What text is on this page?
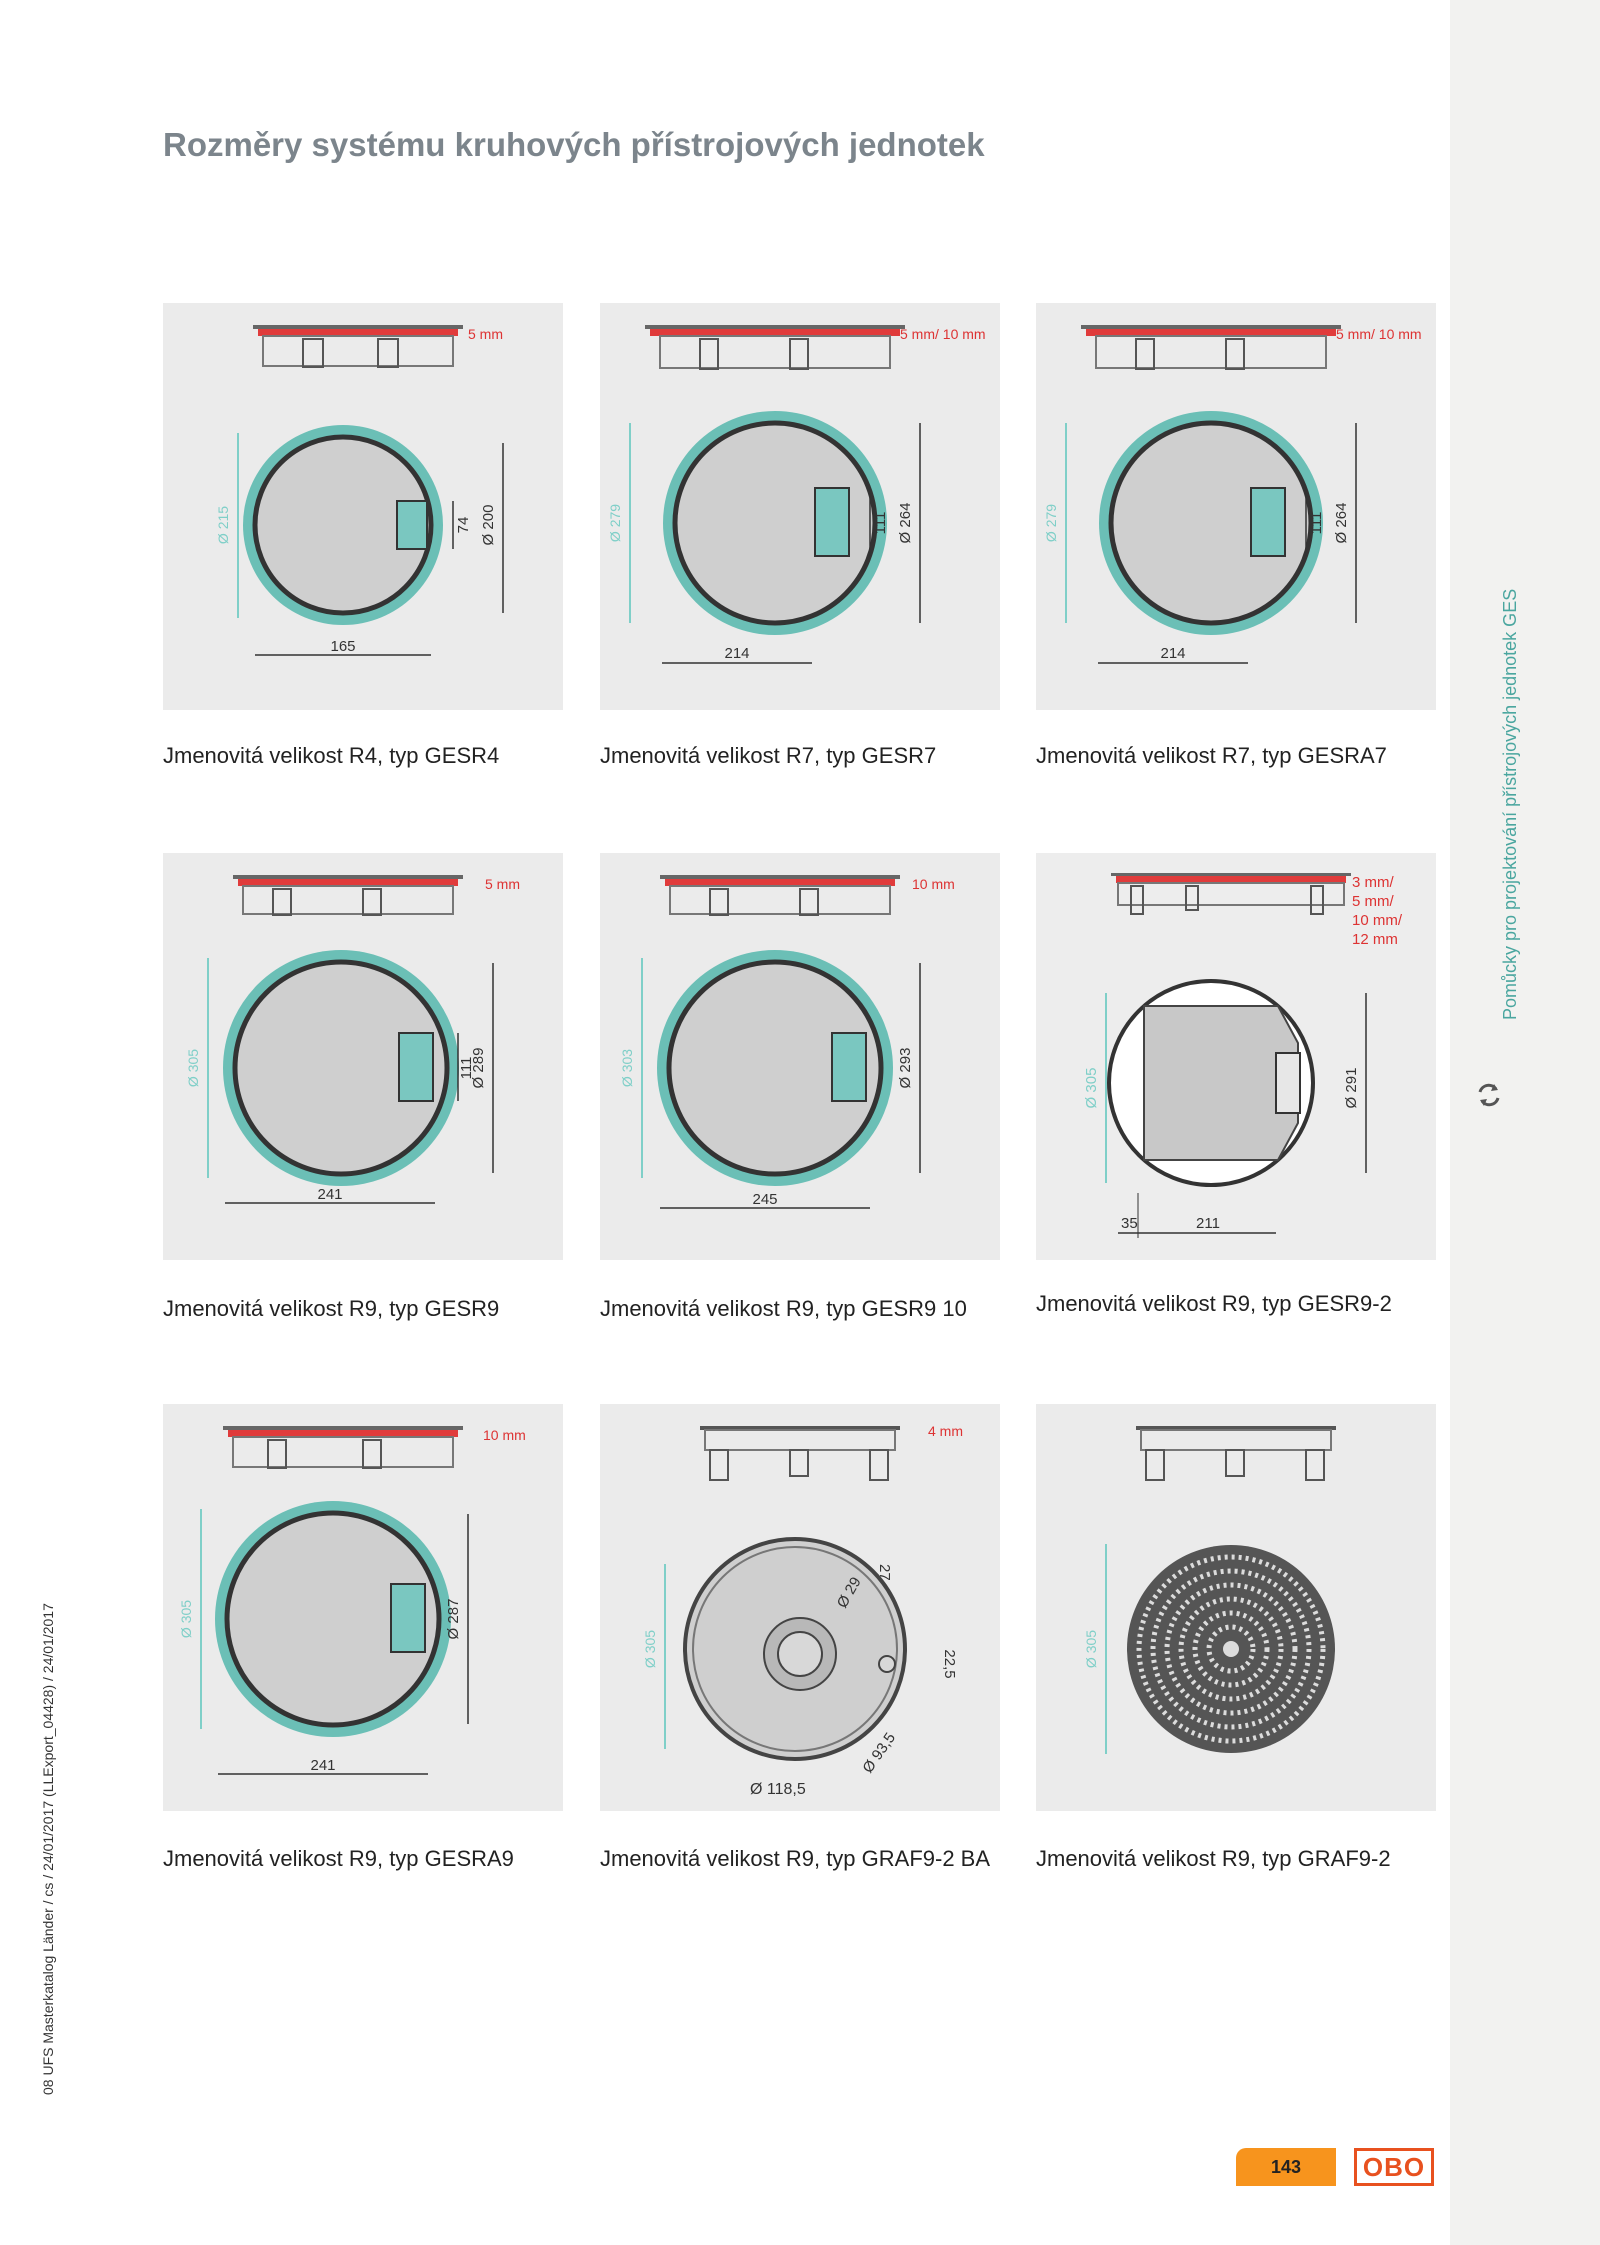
Pomůcky pro projektování přístrojových jednotek GES
08 UFS Masterkatalog Länder / cs / 24/01/2017 (LLExport_04428) / 24/01/2017
Rozměry systému kruhových přístrojových jednotek
5 mm
Ø 215
165
74 Ø 200
Jmenovitá velikost R4, typ GESR4
5 mm/ 10 mm
Ø 279
214
111 Ø 264
Jmenovitá velikost R7, typ GESR7
5 mm/ 10 mm
Ø 279
214
111 Ø 264
Jmenovitá velikost R7, typ GESRA7
5 mm
Ø 305
241
111
Ø 289
Jmenovitá velikost R9, typ GESR9
10 mm
Ø 303
245
Ø 293
Jmenovitá velikost R9, typ GESR9 10
3 mm/
5 mm/
10 mm/
12 mm
Ø 305	Ø 291
35	211
Jmenovitá velikost R9, typ GESR9-2
10 mm
Ø 305
241
Ø 287
Jmenovitá velikost R9, typ GESRA9
4 mm
Ø 305
27
Ø 29
22,5
Ø 118,5
Ø 93,5
Jmenovitá velikost R9, typ GRAF9-2 BA
Ø 305
Jmenovitá velikost R9, typ GRAF9-2
143	OBO
